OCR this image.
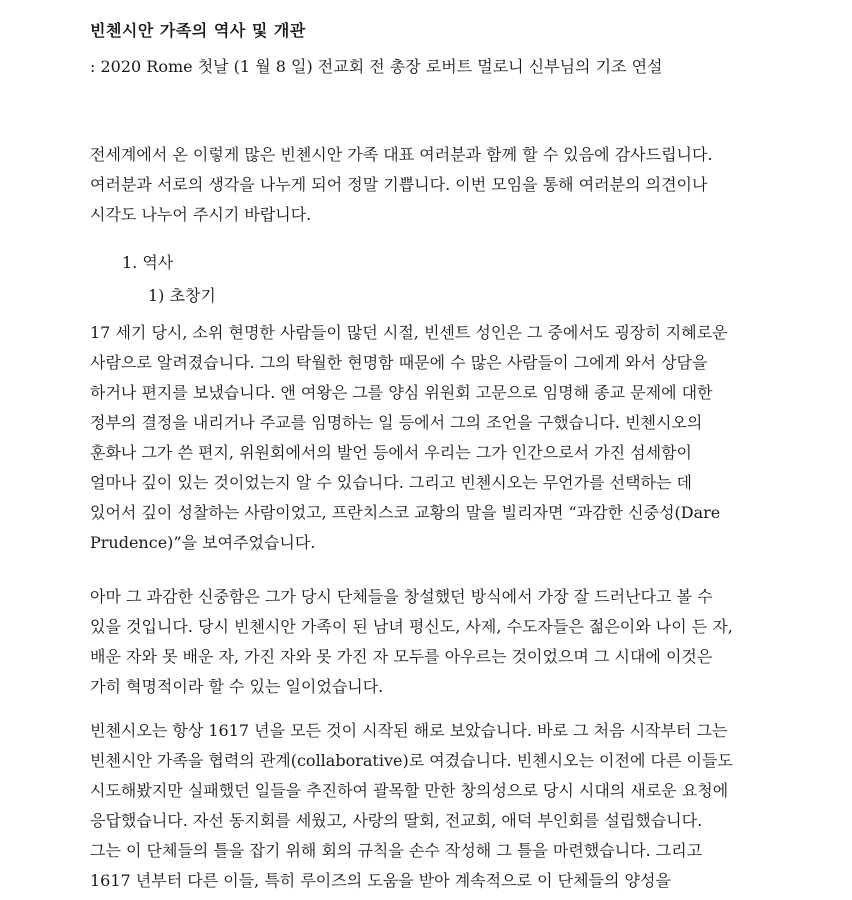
빈첸시안 가족의 역사 및 개관
: 2020 Rome 첫날 (1 월 8 일) 전교회 전 총장 로버트 멀로니 신부님의 기조 연설
전세계에서 온 이렇게 많은 빈첸시안 가족 대표 여러분과 함께 할 수 있음에 감사드립니다.
여러분과 서로의 생각을 나누게 되어 정말 기쁩니다. 이번 모임을 통해 여러분의 의견이나
시각도 나누어 주시기 바랍니다.
1. 역사
1) 초창기
17 세기 당시, 소위 현명한 사람들이 많던 시절, 빈센트 성인은 그 중에서도 굉장히 지혜로운
사람으로 알려졌습니다. 그의 탁월한 현명함 때문에 수 많은 사람들이 그에게 와서 상담을
하거나 편지를 보냈습니다. 앤 여왕은 그를 양심 위원회 고문으로 임명해 종교 문제에 대한
정부의 결정을 내리거나 주교를 임명하는 일 등에서 그의 조언을 구했습니다. 빈첸시오의
훈화나 그가 쓴 편지, 위원회에서의 발언 등에서 우리는 그가 인간으로서 가진 섬세함이
얼마나 깊이 있는 것이었는지 알 수 있습니다. 그리고 빈첸시오는 무언가를 선택하는 데
있어서 깊이 성찰하는 사람이었고, 프란치스코 교황의 말을 빌리자면 “과감한 신중성(Dare
Prudence)”을 보여주었습니다.
아마 그 과감한 신중함은 그가 당시 단체들을 창설했던 방식에서 가장 잘 드러난다고 볼 수
있을 것입니다. 당시 빈첸시안 가족이 된 남녀 평신도, 사제, 수도자들은 젊은이와 나이 든 자,
배운 자와 못 배운 자, 가진 자와 못 가진 자 모두를 아우르는 것이었으며 그 시대에 이것은
가히 혁명적이라 할 수 있는 일이었습니다.
빈첸시오는 항상 1617 년을 모든 것이 시작된 해로 보았습니다. 바로 그 처음 시작부터 그는
빈첸시안 가족을 협력의 관계(collaborative)로 여겼습니다. 빈첸시오는 이전에 다른 이들도
시도해봤지만 실패했던 일들을 추진하여 괄목할 만한 창의성으로 당시 시대의 새로운 요청에
응답했습니다. 자선 동지회를 세웠고, 사랑의 딸회, 전교회, 애덕 부인회를 설립했습니다.
그는 이 단체들의 틀을 잡기 위해 회의 규칙을 손수 작성해 그 틀을 마련했습니다. 그리고
1617 년부터 다른 이들, 특히 루이즈의 도움을 받아 계속적으로 이 단체들의 양성을
